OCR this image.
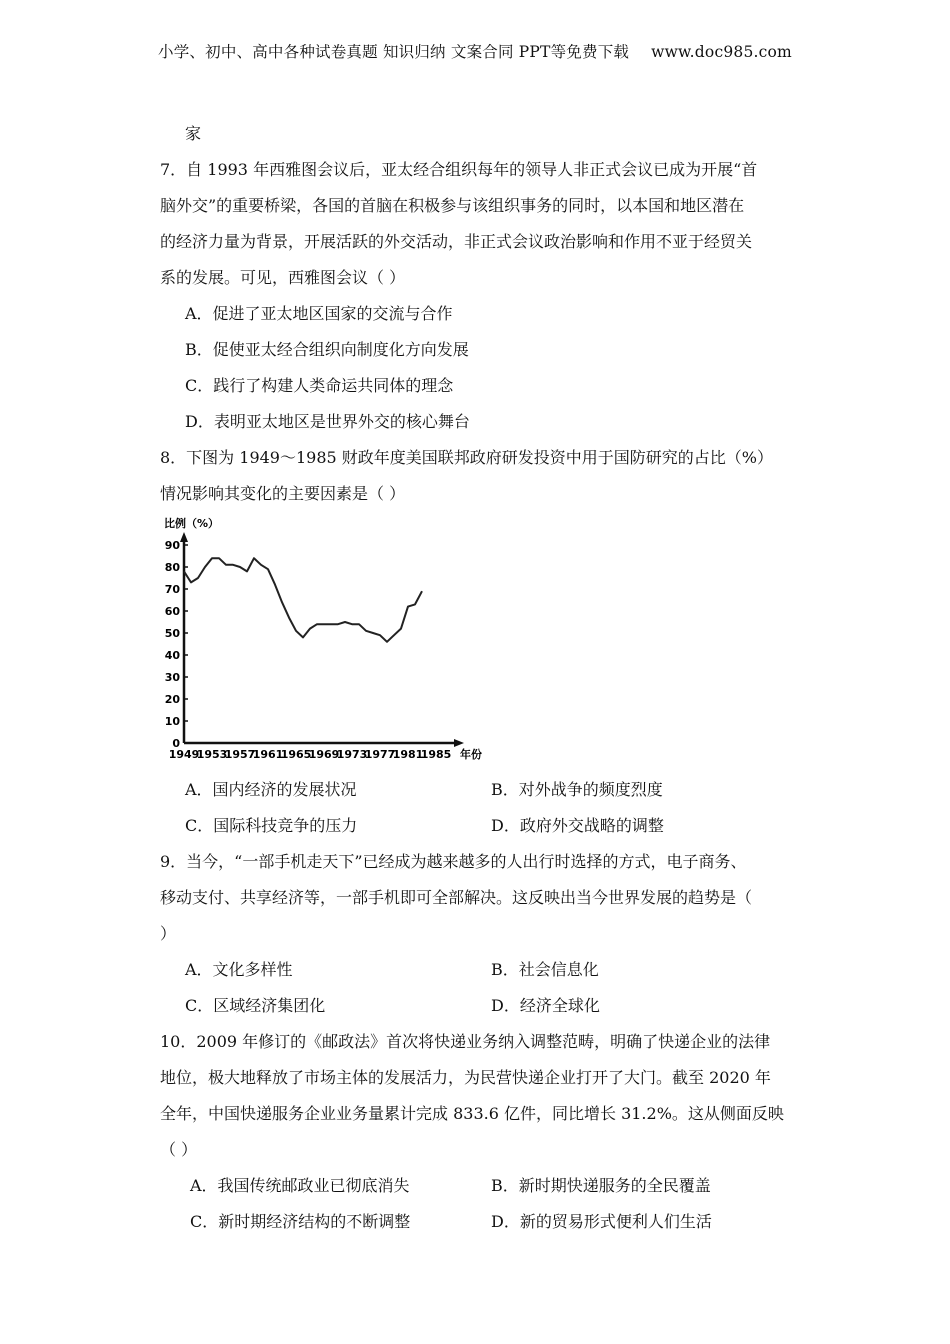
小学、初中、高中各种试卷真题 知识归纳 文案合同 PPT等免费下载 www.doc985.com
家
7．自 1993 年西雅图会议后，亚太经合组织每年的领导人非正式会议已成为开展“首
脑外交”的重要桥梁，各国的首脑在积极参与该组织事务的同时，以本国和地区潜在
的经济力量为背景，开展活跃的外交活动，非正式会议政治影响和作用不亚于经贸关
系的发展。可见，西雅图会议（ ）
A．促进了亚太地区国家的交流与合作
B．促使亚太经合组织向制度化方向发展
C．践行了构建人类命运共同体的理念
D．表明亚太地区是世界外交的核心舞台
8．下图为 1949～1985 财政年度美国联邦政府研发投资中用于国防研究的占比（%）
情况影响其变化的主要因素是（ ）
比例（%）
年份
90
80
70
60
50
40
30
20
10
0
1949
1953
1957
1961
1965
1969
1973
1977
1981
1985
A．国内经济的发展状况	B．对外战争的频度烈度
C．国际科技竞争的压力	D．政府外交战略的调整
9．当今，“一部手机走天下”已经成为越来越多的人出行时选择的方式，电子商务、
移动支付、共享经济等，一部手机即可全部解决。这反映出当今世界发展的趋势是（
）
A．文化多样性	B．社会信息化
C．区域经济集团化	D．经济全球化
10．2009 年修订的《邮政法》首次将快递业务纳入调整范畴，明确了快递企业的法律
地位，极大地释放了市场主体的发展活力，为民营快递企业打开了大门。截至 2020 年
全年，中国快递服务企业业务量累计完成 833.6 亿件，同比增长 31.2%。这从侧面反映
（ ）
A．我国传统邮政业已彻底消失	B．新时期快递服务的全民覆盖
C．新时期经济结构的不断调整	D．新的贸易形式便利人们生活
